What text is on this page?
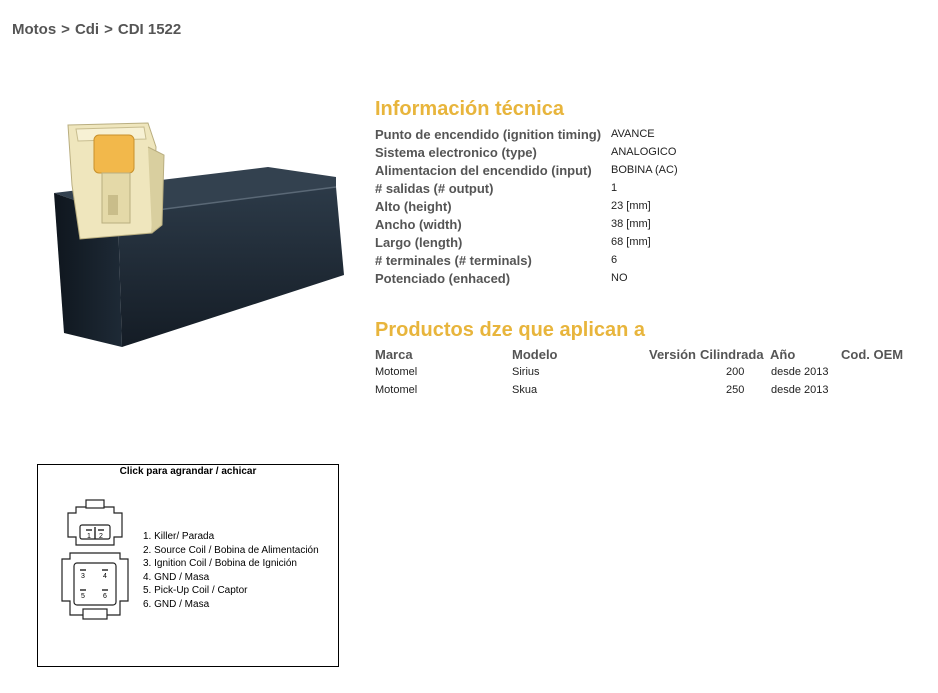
Motos > Cdi > CDI 1522
Información técnica
Punto de encendido (ignition timing)	AVANCE
Sistema electronico (type)	ANALOGICO
Alimentacion del encendido (input)	BOBINA (AC)
# salidas (# output)	1
Alto (height)	23 [mm]
Ancho (width)	38 [mm]
Largo (length)	68 [mm]
# terminales (# terminals)	6
Potenciado (enhaced)	NO
Productos dze que aplican a
Marca	Modelo	Versión	Cilindrada	Año	Cod. OEM
Motomel	Sirius		200	desde 2013	
Motomel	Skua		250	desde 2013	
Click para agrandar / achicar
1 2
3	4
5	6
1. Killer/ Parada
2. Source Coil / Bobina de Alimentación
3. Ignition Coil / Bobina de Ignición
4. GND / Masa
5. Pick-Up Coil / Captor
6. GND / Masa
